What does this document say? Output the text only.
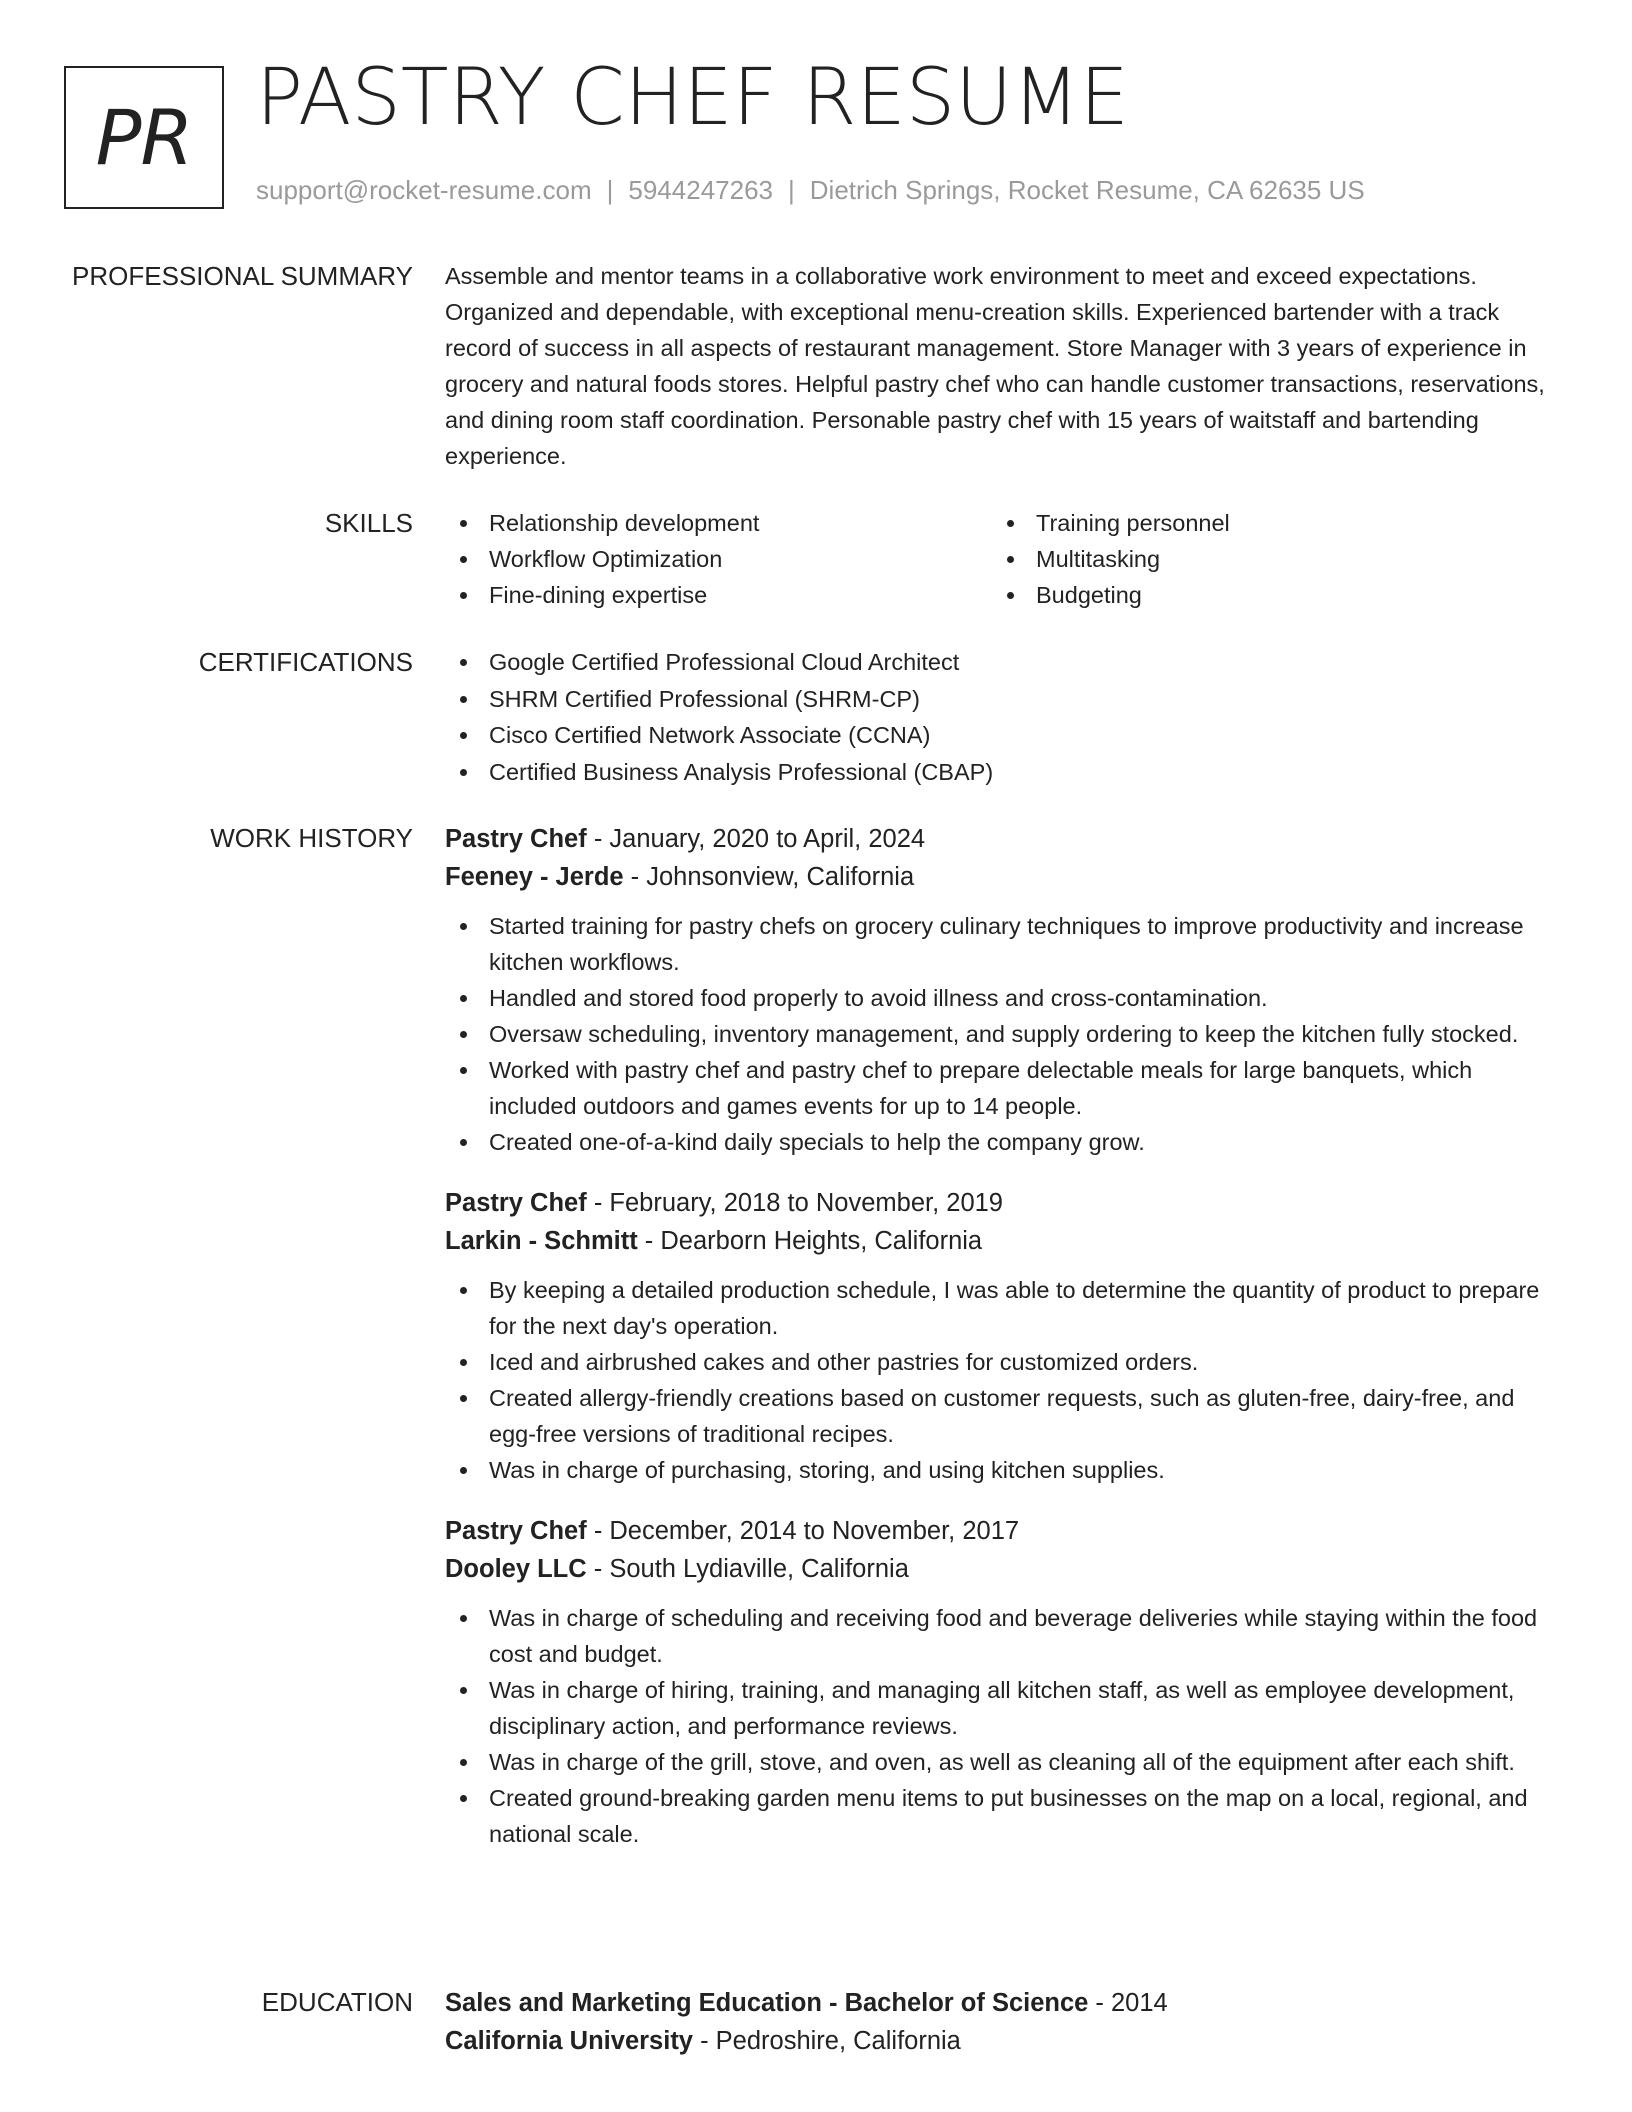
PR PASTRY CHEF RESUME
support@rocket-resume.com | 5944247263 | Dietrich Springs, Rocket Resume, CA 62635 US
PROFESSIONAL SUMMARY Assemble and mentor teams in a collaborative work environment to meet and exceed expectations. Organized and dependable, with exceptional menu-creation skills. Experienced bartender with a track record of success in all aspects of restaurant management. Store Manager with 3 years of experience in grocery and natural foods stores. Helpful pastry chef who can handle customer transactions, reservations, and dining room staff coordination. Personable pastry chef with 15 years of waitstaff and bartending experience.
SKILLS	Relationship development
Workflow Optimization
Fine-dining expertise
Training personnel
Multitasking
Budgeting
CERTIFICATIONS	Google Certified Professional Cloud Architect
SHRM Certified Professional (SHRM-CP)
Cisco Certified Network Associate (CCNA)
Certified Business Analysis Professional (CBAP)
WORK HISTORY Pastry Chef - January, 2020 to April, 2024
Feeney - Jerde - Johnsonview, California
Started training for pastry chefs on grocery culinary techniques to improve productivity and increase kitchen workflows.
Handled and stored food properly to avoid illness and cross-contamination.
Oversaw scheduling, inventory management, and supply ordering to keep the kitchen fully stocked.
Worked with pastry chef and pastry chef to prepare delectable meals for large banquets, which included outdoors and games events for up to 14 people.
Created one-of-a-kind daily specials to help the company grow.
Pastry Chef - February, 2018 to November, 2019
Larkin - Schmitt - Dearborn Heights, California
By keeping a detailed production schedule, I was able to determine the quantity of product to prepare for the next day's operation.
Iced and airbrushed cakes and other pastries for customized orders.
Created allergy-friendly creations based on customer requests, such as gluten-free, dairy-free, and egg-free versions of traditional recipes.
Was in charge of purchasing, storing, and using kitchen supplies.
Pastry Chef - December, 2014 to November, 2017
Dooley LLC - South Lydiaville, California
Was in charge of scheduling and receiving food and beverage deliveries while staying within the food cost and budget.
Was in charge of hiring, training, and managing all kitchen staff, as well as employee development, disciplinary action, and performance reviews.
Was in charge of the grill, stove, and oven, as well as cleaning all of the equipment after each shift.
Created ground-breaking garden menu items to put businesses on the map on a local, regional, and national scale.
EDUCATION Sales and Marketing Education - Bachelor of Science - 2014
California University - Pedroshire, California
